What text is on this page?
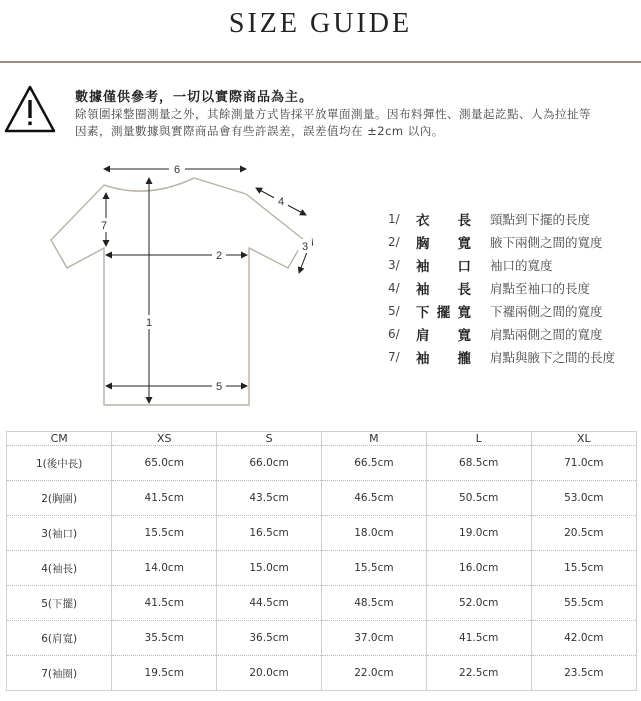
SIZE GUIDE
數據僅供參考，一切以實際商品為主。
除領圍採整圈測量之外，其餘測量方式皆採平放單面測量。因布料彈性、測量起訖點、人為拉扯等
因素，測量數據與實際商品會有些許誤差，誤差值均在 ±2cm 以內。
1
2
3
4
5
6
7
1/	衣長	頸點到下擺的長度
2/	胸寬	腋下兩側之間的寬度
3/	袖口	袖口的寬度
4/	袖長	肩點至袖口的長度
5/	下擺寬	下襬兩側之間的寬度
6/	肩寬	肩點兩側之間的寬度
7/	袖攏	肩點與腋下之間的長度
CM	XS	S	M	L	XL
1(後中長)	65.0cm	66.0cm	66.5cm	68.5cm	71.0cm
2(胸圍)	41.5cm	43.5cm	46.5cm	50.5cm	53.0cm
3(袖口)	15.5cm	16.5cm	18.0cm	19.0cm	20.5cm
4(袖長)	14.0cm	15.0cm	15.5cm	16.0cm	15.5cm
5(下擺)	41.5cm	44.5cm	48.5cm	52.0cm	55.5cm
6(肩寬)	35.5cm	36.5cm	37.0cm	41.5cm	42.0cm
7(袖圈)	19.5cm	20.0cm	22.0cm	22.5cm	23.5cm
